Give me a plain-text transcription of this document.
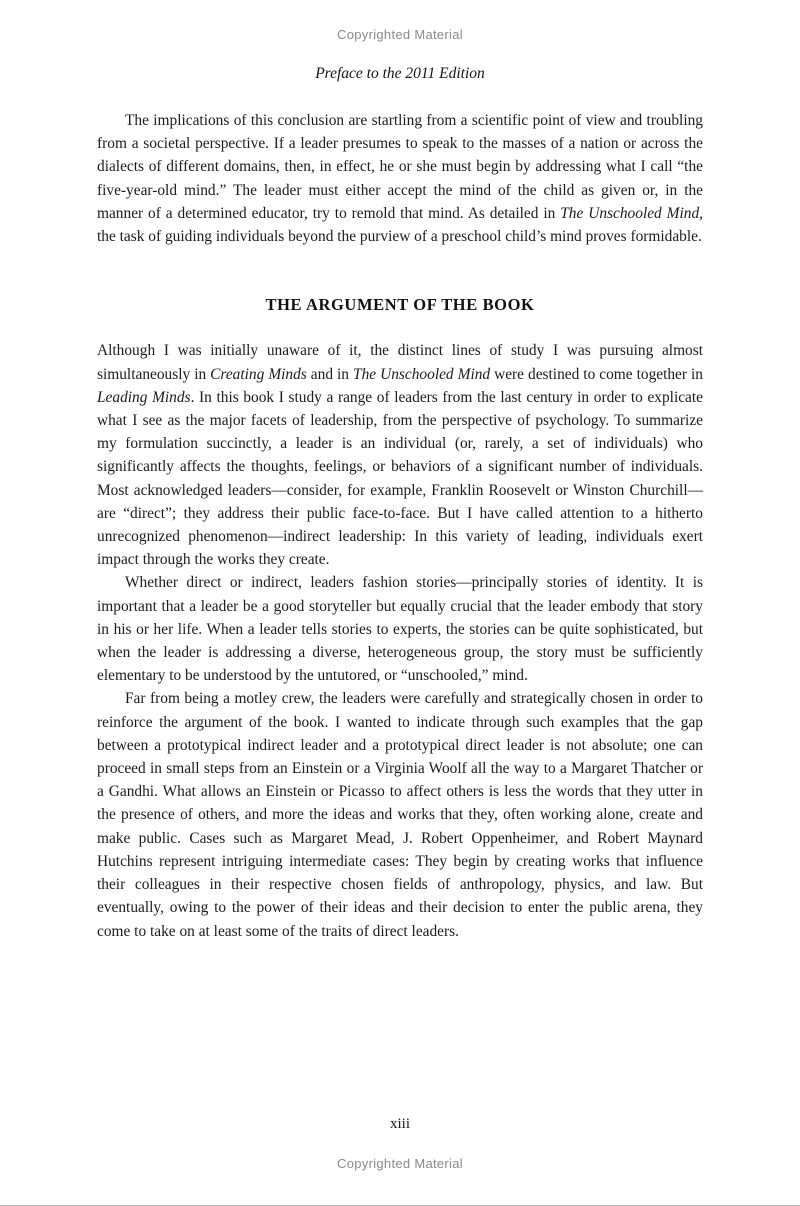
Copyrighted Material
Preface to the 2011 Edition

The implications of this conclusion are startling from a scientific point of view and troubling from a societal perspective. If a leader presumes to speak to the masses of a nation or across the dialects of different domains, then, in effect, he or she must begin by addressing what I call “the five-year-old mind.” The leader must either accept the mind of the child as given or, in the manner of a determined educator, try to remold that mind. As detailed in The Unschooled Mind, the task of guiding individuals beyond the purview of a preschool child’s mind proves formidable.

THE ARGUMENT OF THE BOOK

Although I was initially unaware of it, the distinct lines of study I was pursuing almost simultaneously in Creating Minds and in The Unschooled Mind were destined to come together in Leading Minds. In this book I study a range of leaders from the last century in order to explicate what I see as the major facets of leadership, from the perspective of psychology. To summarize my formulation succinctly, a leader is an individual (or, rarely, a set of individuals) who significantly affects the thoughts, feelings, or behaviors of a significant number of individuals. Most acknowledged leaders—consider, for example, Franklin Roosevelt or Winston Churchill—are “direct”; they address their public face-to-face. But I have called attention to a hitherto unrecognized phenomenon—indirect leadership: In this variety of leading, individuals exert impact through the works they create.

Whether direct or indirect, leaders fashion stories—principally stories of identity. It is important that a leader be a good storyteller but equally crucial that the leader embody that story in his or her life. When a leader tells stories to experts, the stories can be quite sophisticated, but when the leader is addressing a diverse, heterogeneous group, the story must be sufficiently elementary to be understood by the untutored, or “unschooled,” mind.

Far from being a motley crew, the leaders were carefully and strategically chosen in order to reinforce the argument of the book. I wanted to indicate through such examples that the gap between a prototypical indirect leader and a prototypical direct leader is not absolute; one can proceed in small steps from an Einstein or a Virginia Woolf all the way to a Margaret Thatcher or a Gandhi. What allows an Einstein or Picasso to affect others is less the words that they utter in the presence of others, and more the ideas and works that they, often working alone, create and make public. Cases such as Margaret Mead, J. Robert Oppenheimer, and Robert Maynard Hutchins represent intriguing intermediate cases: They begin by creating works that influence their colleagues in their respective chosen fields of anthropology, physics, and law. But eventually, owing to the power of their ideas and their decision to enter the public arena, they come to take on at least some of the traits of direct leaders.

xiii
Copyrighted Material
